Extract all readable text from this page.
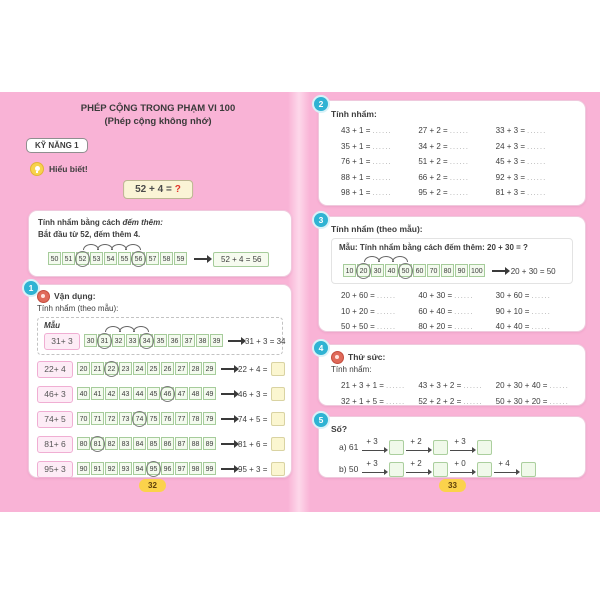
PHÉP CỘNG TRONG PHẠM VI 100
(Phép cộng không nhớ)
KỸ NĂNG 1
Hiểu biết!
52 + 4 = ?
Tính nhẩm bằng cách đếm thêm:
Bắt đầu từ 52, đếm thêm 4.
50 51 52 53 54 55 56 57 58 59	52 + 4 = 56
1
Vận dụng:
Tính nhẩm (theo mẫu):
Mẫu
31+ 3	30 31 32 33 34 35 36 37 38 39	31 + 3 = 34
22+ 4	20 21 22 23 24 25 26 27 28 29	22 + 4 =
46+ 3	40 41 42 43 44 45 46 47 48 49	46 + 3 =
74+ 5	70 71 72 73 74 75 76 77 78 79	74 + 5 =
81+ 6	80 81 82 83 84 85 86 87 88 89	81 + 6 =
95+ 3	90 91 92 93 94 95 96 97 98 99	95 + 3 =
2
Tính nhẩm:
43 + 1 = ......	27 + 2 = ......	33 + 3 = ......
35 + 1 = ......	34 + 2 = ......	24 + 3 = ......
76 + 1 = ......	51 + 2 = ......	45 + 3 = ......
88 + 1 = ......	66 + 2 = ......	92 + 3 = ......
98 + 1 = ......	95 + 2 = ......	81 + 3 = ......
3
Tính nhẩm (theo mẫu):
Mẫu: Tính nhẩm bằng cách đếm thêm: 20 + 30 = ?
10 20 30 40 50 60 70 80 90 100	20 + 30 = 50
20 + 60 = ......	40 + 30 = ......	30 + 60 = ......
10 + 20 = ......	60 + 40 = ......	90 + 10 = ......
50 + 50 = ......	80 + 20 = ......	40 + 40 = ......
4
Thử sức:
Tính nhẩm:
21 + 3 + 1 = ......	43 + 3 + 2 = ......	20 + 30 + 40 = ......
32 + 1 + 5 = ......	52 + 2 + 2 = ......	50 + 30 + 20 = ......
5
Số?
a) 61
+ 3	+ 2	+ 3
b) 50
+ 3	+ 2	+ 0	+ 4
32	33
